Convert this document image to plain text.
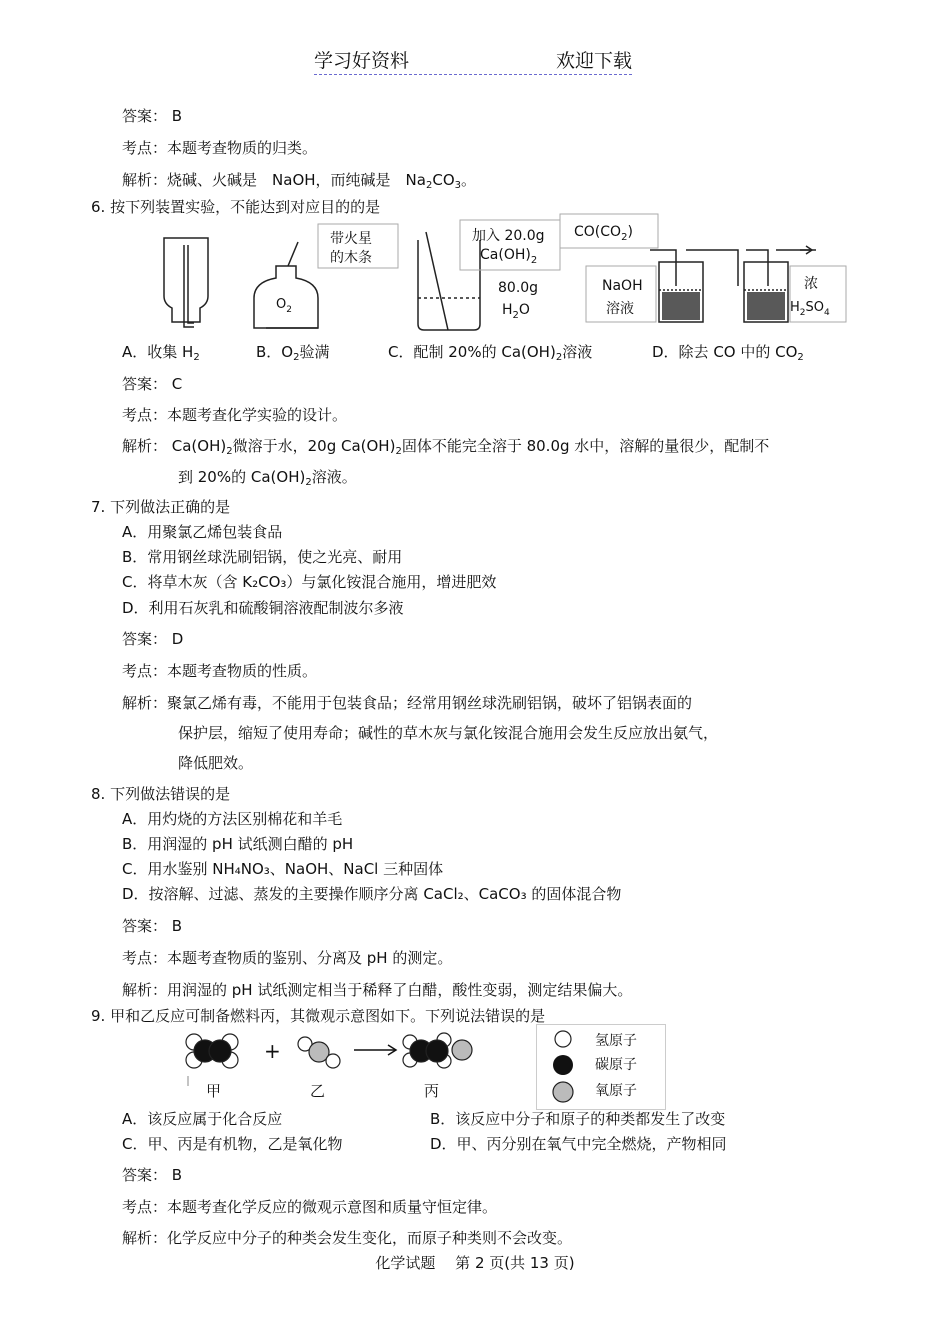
学习好资料	欢迎下载
答案： B
考点：本题考查物质的归类。
解析：烧碱、火碱是　 NaOH，而纯碱是　 $Na_2CO_3$。
6. 按下列装置实验，不能达到对应目的的是
带火星
的木条
$O_2$
加入 20.0g
$Ca(OH)_2$
80.0g
$H_2O$
$CO(CO_2)$
NaOH
溶液
浓
$H_2SO_4$
A．收集 $H_2$	B．$O_2$验满	C．配制 20%的 $Ca(OH)_2$溶液	D．除去 CO 中的 $CO_2$
答案： C
考点：本题考查化学实验的设计。
解析： $Ca(OH)_2$微溶于水，20g $Ca(OH)_2$固体不能完全溶于 80.0g 水中，溶解的量很少，配制不
到 20%的 $Ca(OH)_2$溶液。
7. 下列做法正确的是
A．用聚氯乙烯包装食品
B．常用钢丝球洗刷铝锅，使之光亮、耐用
C．将草木灰（含 K₂CO₃）与氯化铵混合施用，增进肥效
D．利用石灰乳和硫酸铜溶液配制波尔多液
答案： D
考点：本题考查物质的性质。
解析：聚氯乙烯有毒，不能用于包装食品；经常用钢丝球洗刷铝锅，破坏了铝锅表面的
保护层，缩短了使用寿命；碱性的草木灰与氯化铵混合施用会发生反应放出氨气，
降低肥效。
8. 下列做法错误的是
A．用灼烧的方法区别棉花和羊毛
B．用润湿的 pH 试纸测白醋的 pH
C．用水鉴别 NH₄NO₃、NaOH、NaCl 三种固体
D．按溶解、过滤、蒸发的主要操作顺序分离 CaCl₂、CaCO₃ 的固体混合物
答案： B
考点：本题考查物质的鉴别、分离及 pH 的测定。
解析：用润湿的 pH 试纸测定相当于稀释了白醋，酸性变弱，测定结果偏大。
9. 甲和乙反应可制备燃料丙，其微观示意图如下。下列说法错误的是
+
甲	乙	丙
氢原子
碳原子
氧原子
A．该反应属于化合反应	B．该反应中分子和原子的种类都发生了改变
C．甲、丙是有机物，乙是氧化物	D．甲、丙分别在氧气中完全燃烧，产物相同
答案： B
考点：本题考查化学反应的微观示意图和质量守恒定律。
解析：化学反应中分子的种类会发生变化，而原子种类则不会改变。
化学试题　 第 2 页(共 13 页)
